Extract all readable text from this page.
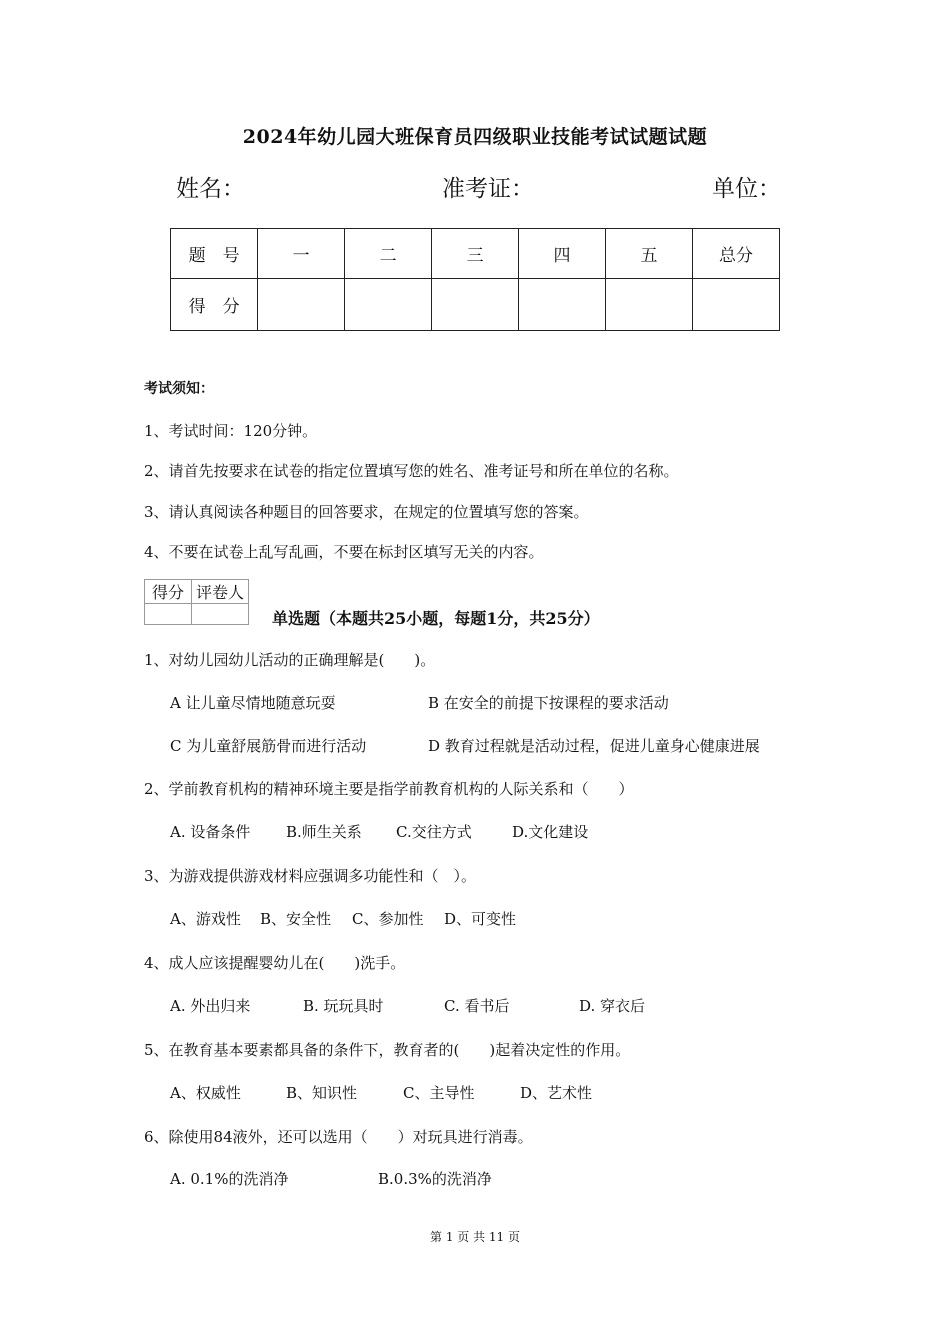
2024年幼儿园大班保育员四级职业技能考试试题试题
姓名：	准考证：	单位：
题　号	一	二	三	四	五	总分
得　分						
考试须知：
1、考试时间：120分钟。
2、请首先按要求在试卷的指定位置填写您的姓名、准考证号和所在单位的名称。
3、请认真阅读各种题目的回答要求，在规定的位置填写您的答案。
4、不要在试卷上乱写乱画，不要在标封区填写无关的内容。
得分	评卷人

单选题（本题共25小题，每题1分，共25分）
1、对幼儿园幼儿活动的正确理解是(　　)。
A 让儿童尽情地随意玩耍	B 在安全的前提下按课程的要求活动
C 为儿童舒展筋骨而进行活动	D 教育过程就是活动过程，促进儿童身心健康进展
2、学前教育机构的精神环境主要是指学前教育机构的人际关系和（　　）
A. 设备条件 B.师生关系 C.交往方式	D.文化建设
3、为游戏提供游戏材料应强调多功能性和（　）。
A、游戏性 B、安全性 C、参加性 D、可变性
4、成人应该提醒婴幼儿在(　　)洗手。
A. 外出归来	B. 玩玩具时	C. 看书后	D. 穿衣后
5、在教育基本要素都具备的条件下，教育者的(　　)起着决定性的作用。
A、权威性	B、知识性	C、主导性	D、艺术性
6、除使用84液外，还可以选用（　　）对玩具进行消毒。
A. 0.1%的洗消净	B.0.3%的洗消净
第 1 页 共 11 页
